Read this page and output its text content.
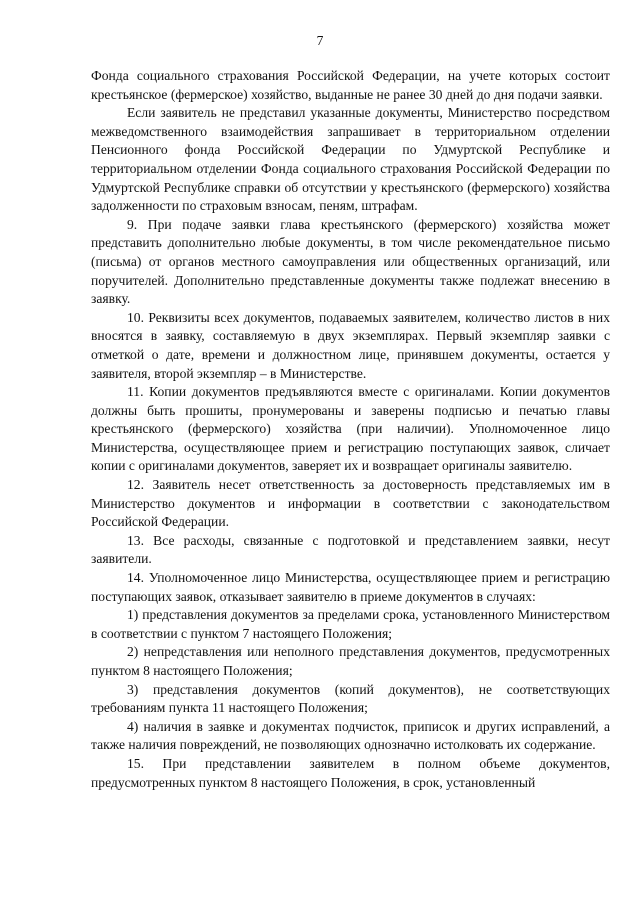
7

Фонда социального страхования Российской Федерации, на учете которых состоит крестьянское (фермерское) хозяйство, выданные не ранее 30 дней до дня подачи заявки.

Если заявитель не представил указанные документы, Министерство посредством межведомственного взаимодействия запрашивает в территориальном отделении Пенсионного фонда Российской Федерации по Удмуртской Республике и территориальном отделении Фонда социального страхования Российской Федерации по Удмуртской Республике справки об отсутствии у крестьянского (фермерского) хозяйства задолженности по страховым взносам, пеням, штрафам.

9. При подаче заявки глава крестьянского (фермерского) хозяйства может представить дополнительно любые документы, в том числе рекомендательное письмо (письма) от органов местного самоуправления или общественных организаций, или поручителей. Дополнительно представленные документы также подлежат внесению в заявку.

10. Реквизиты всех документов, подаваемых заявителем, количество листов в них вносятся в заявку, составляемую в двух экземплярах. Первый экземпляр заявки с отметкой о дате, времени и должностном лице, принявшем документы, остается у заявителя, второй экземпляр – в Министерстве.

11. Копии документов предъявляются вместе с оригиналами. Копии документов должны быть прошиты, пронумерованы и заверены подписью и печатью главы крестьянского (фермерского) хозяйства (при наличии). Уполномоченное лицо Министерства, осуществляющее прием и регистрацию поступающих заявок, сличает копии с оригиналами документов, заверяет их и возвращает оригиналы заявителю.

12. Заявитель несет ответственность за достоверность представляемых им в Министерство документов и информации в соответствии с законодательством Российской Федерации.

13. Все расходы, связанные с подготовкой и представлением заявки, несут заявители.

14. Уполномоченное лицо Министерства, осуществляющее прием и регистрацию поступающих заявок, отказывает заявителю в приеме документов в случаях:

1) представления документов за пределами срока, установленного Министерством в соответствии с пунктом 7 настоящего Положения;

2) непредставления или неполного представления документов, предусмотренных пунктом 8 настоящего Положения;

3) представления документов (копий документов), не соответствующих требованиям пункта 11 настоящего Положения;

4) наличия в заявке и документах подчисток, приписок и других исправлений, а также наличия повреждений, не позволяющих однозначно истолковать их содержание.

15. При представлении заявителем в полном объеме документов, предусмотренных пунктом 8 настоящего Положения, в срок, установленный
